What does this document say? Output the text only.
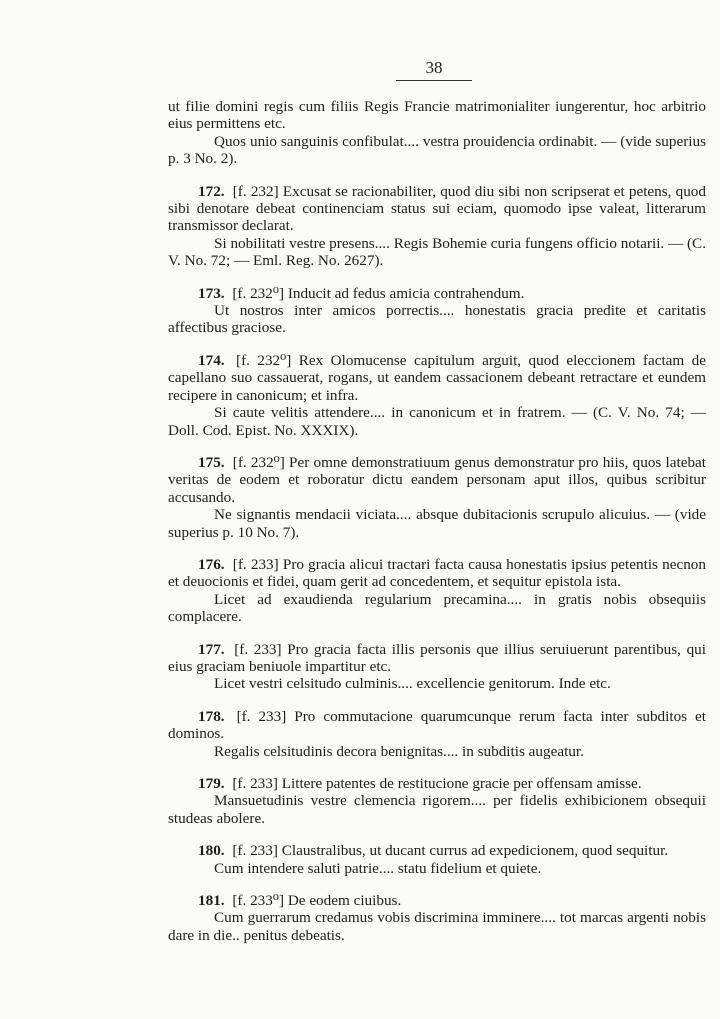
38

ut filie domini regis cum filiis Regis Francie matrimonialiter iungerentur, hoc arbitrio eius permittens etc.

Quos unio sanguinis confibulat.... vestra prouidencia ordinabit. — (vide superius p. 3 No. 2).

172. [f. 232] Excusat se racionabiliter, quod diu sibi non scripserat et petens, quod sibi denotare debeat continenciam status sui eciam, quomodo ipse valeat, litterarum transmissor declarat.

Si nobilitati vestre presens.... Regis Bohemie curia fungens officio notarii. — (C. V. No. 72; — Eml. Reg. No. 2627).

173. [f. 232⁰] Inducit ad fedus amicia contrahendum.

Ut nostros inter amicos porrectis.... honestatis gracia predite et caritatis affectibus graciose.

174. [f. 232⁰] Rex Olomucense capitulum arguit, quod eleccionem factam de capellano suo cassauerat, rogans, ut eandem cassacionem debeant retractare et eundem recipere in canonicum; et infra.

Si caute velitis attendere.... in canonicum et in fratrem. — (C. V. No. 74; — Doll. Cod. Epist. No. XXXIX).

175. [f. 232⁰] Per omne demonstratiuum genus demonstratur pro hiis, quos latebat veritas de eodem et roboratur dictu eandem personam aput illos, quibus scribitur accusando.

Ne signantis mendacii viciata.... absque dubitacionis scrupulo alicuius. — (vide superius p. 10 No. 7).

176. [f. 233] Pro gracia alicui tractari facta causa honestatis ipsius petentis necnon et deuocionis et fidei, quam gerit ad concedentem, et sequitur epistola ista.

Licet ad exaudienda regularium precamina.... in gratis nobis obsequiis complacere.

177. [f. 233] Pro gracia facta illis personis que illius seruiuerunt parentibus, qui eius graciam beniuole impartitur etc.

Licet vestri celsitudo culminis.... excellencie genitorum. Inde etc.

178. [f. 233] Pro commutacione quarumcunque rerum facta inter subditos et dominos.

Regalis celsitudinis decora benignitas.... in subditis augeatur.

179. [f. 233] Littere patentes de restitucione gracie per offensam amisse.

Mansuetudinis vestre clemencia rigorem.... per fidelis exhibicionem obsequii studeas abolere.

180. [f. 233] Claustralibus, ut ducant currus ad expedicionem, quod sequitur.

Cum intendere saluti patrie.... statu fidelium et quiete.

181. [f. 233⁰] De eodem ciuibus.

Cum guerrarum credamus vobis discrimina imminere.... tot marcas argenti nobis dare in die.. penitus debeatis.
